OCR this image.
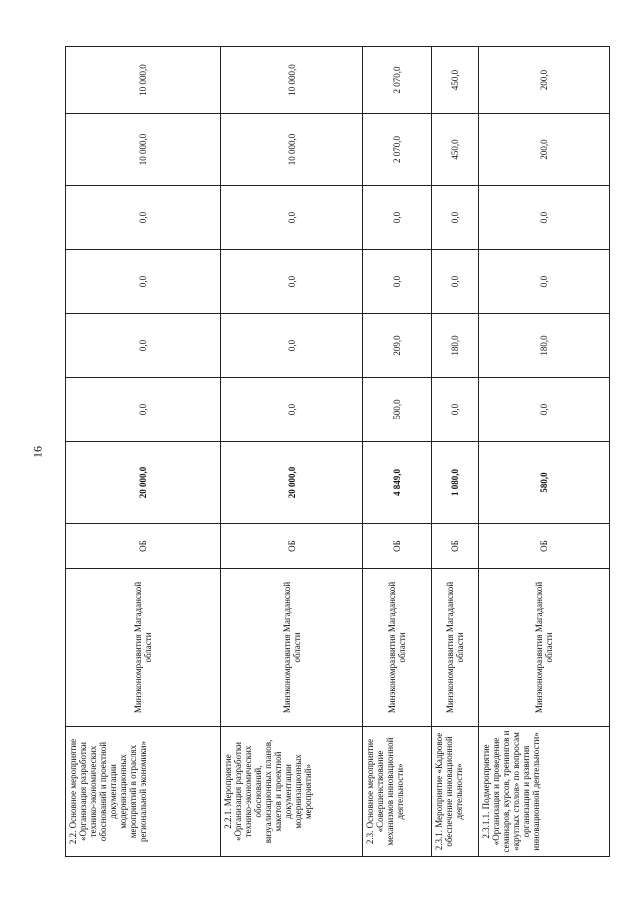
16
2.2. Основное мероприятие «Организация разработки технико-экономических обоснований и проектной документации модернизационных мероприятий в отраслях региональной экономики»	Минэкономразвития Магаданской области	ОБ	20 000,0	0,0	0,0	0,0	0,0	10 000,0	10 000,0
2.2.1. Мероприятие «Организация разработки технико-экономических обоснований, визуализационных планов, макетов и проектной документации модернизационных мероприятий»	Минэкономразвития Магаданской области	ОБ	20 000,0	0,0	0,0	0,0	0,0	10 000,0	10 000,0
2.3. Основное мероприятие «Совершенствование механизмов инновационной деятельности»	Минэкономразвития Магаданской области	ОБ	4 849,0	500,0	209,0	0,0	0,0	2 070,0	2 070,0
2.3.1. Мероприятие «Кадровое обеспечение инновационной деятельности»	Минэкономразвития Магаданской области	ОБ	1 080,0	0,0	180,0	0,0	0,0	450,0	450,0
2.3.1.1. Подмероприятие «Организация и проведение семинаров, курсов, тренингов и «круглых столов» по вопросам организации и развития инновационной деятельности»	Минэкономразвития Магаданской области	ОБ	580,0	0,0	180,0	0,0	0,0	200,0	200,0
